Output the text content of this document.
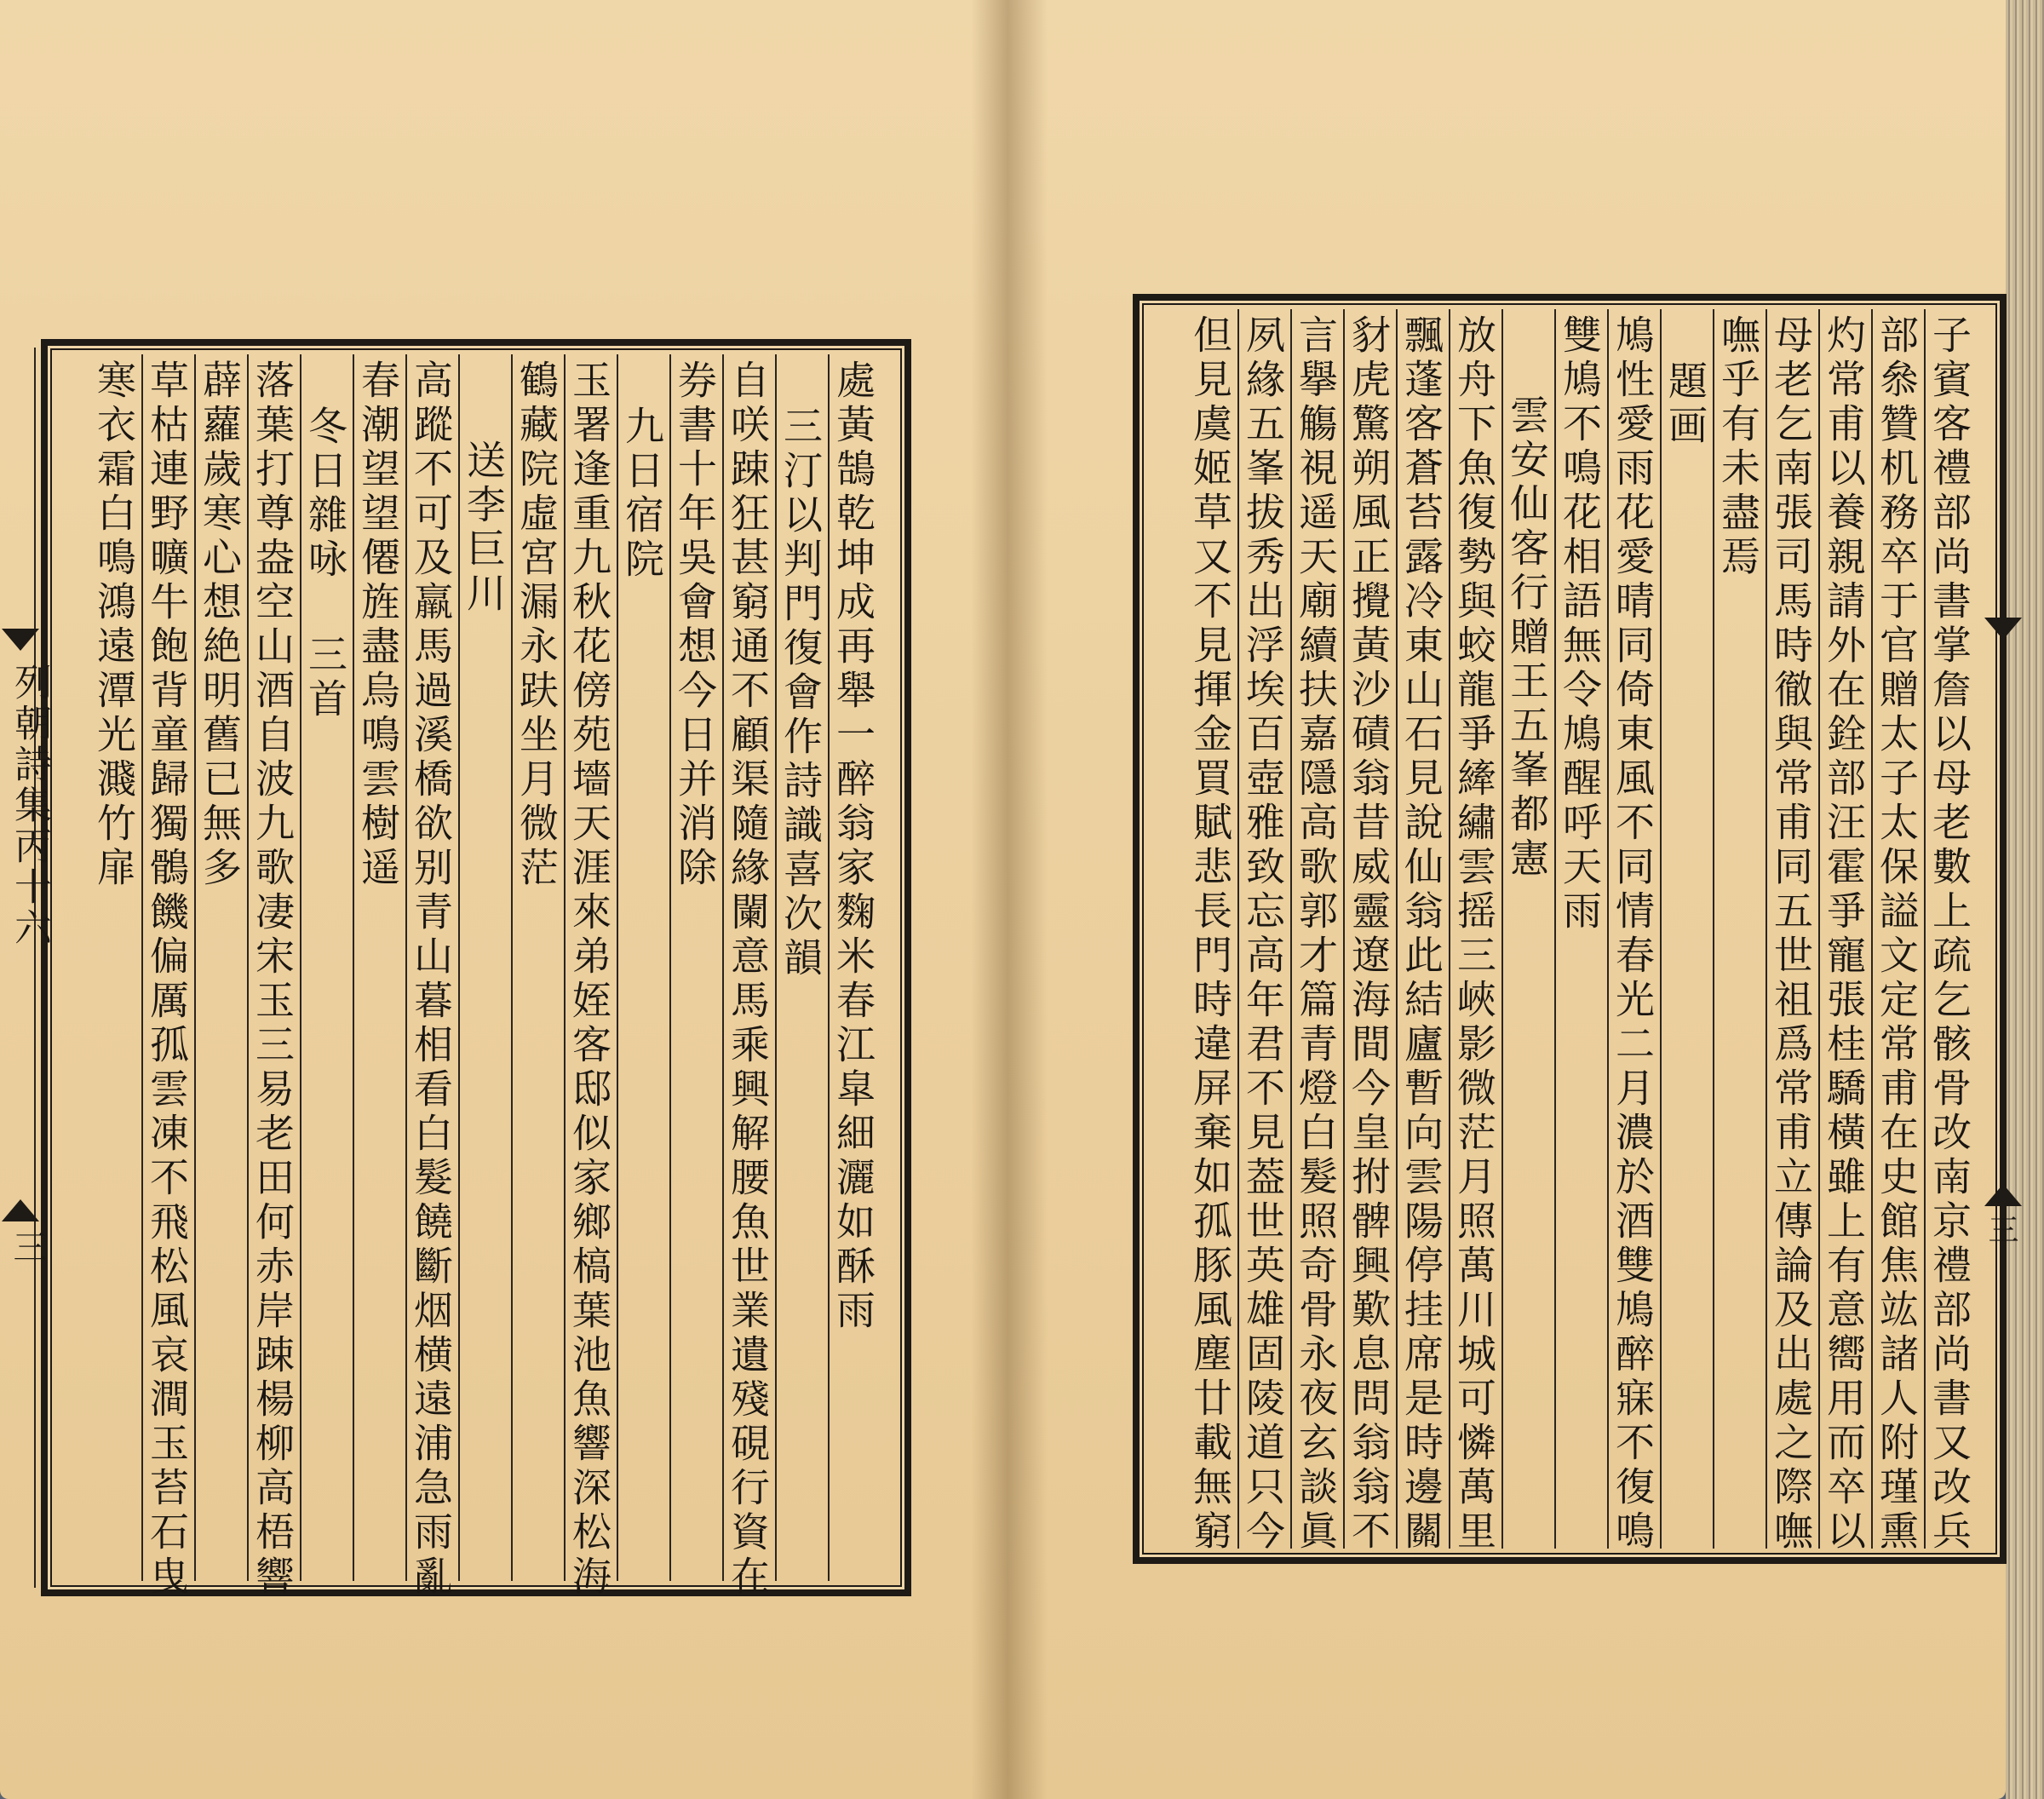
處黃鵠乾坤成再舉一醉翁家麴米春江皐細灑如酥雨
三汀以判門復會作詩識喜次韻
自咲踈狂甚窮通不顧渠隨緣闌意馬乘興解腰魚世業遺殘硯行資在
券書十年吳會想今日并消除
九日宿院
玉署逢重九秋花傍苑墻天涯來弟姪客邸似家鄉槁葉池魚響深松海
鶴藏院虛宮漏永趺坐月微茫
送李巨川
高蹤不可及羸馬過溪橋欲别青山暮相看白髮饒斷烟横遠浦急雨亂
春潮望望僊旌盡烏鳴雲樹遥
冬日雜咏 三首
落葉打尊盎空山酒自波九歌凄宋玉三易老田何赤岸踈楊柳高梧響
薜蘿歲寒心想絶明舊已無多
草枯連野曠牛飽背童歸獨鶻饑偏厲孤雲凍不飛松風哀澗玉苔石曳
寒衣霜白鳴鴻遠潭光濺竹扉
列朝詩集丙十六
三	子賓客禮部尚書掌詹以母老數上疏乞骸骨改南京禮部尚書又改兵
部叅贊机務卒于官贈太子太保謚文定常甫在史館焦竑諸人附瑾熏
灼常甫以養親請外在銓部汪霍爭寵張桂驕橫雖上有意嚮用而卒以
母老乞南張司馬時徹與常甫同五世祖爲常甫立傳論及出處之際嘸
嘸乎有未盡焉
題画
鳩性愛雨花愛晴同倚東風不同情春光二月濃於酒雙鳩醉寐不復鳴
雙鳩不鳴花相語無令鳩醒呼天雨
雲安仙客行贈王五峯都憲
放舟下魚復勢與蛟龍爭縴繡雲摇三峽影微茫月照萬川城可憐萬里
飄蓬客蒼苔露冷東山石見說仙翁此結廬暫向雲陽停挂席是時邊關
豺虎驚朔風正攪黃沙磧翁昔威靈遼海間今皇拊髀興歎息問翁翁不
言擧觴視遥天廟續扶嘉隱高歌郭才篇青燈白髮照奇骨永夜玄談眞
夙緣五峯拔秀出浮埃百壺雅致忘高年君不見葢世英雄固陵道只今
但見虞姬草又不見揮金買賦悲長門時違屏棄如孤豚風塵廿載無窮	三
